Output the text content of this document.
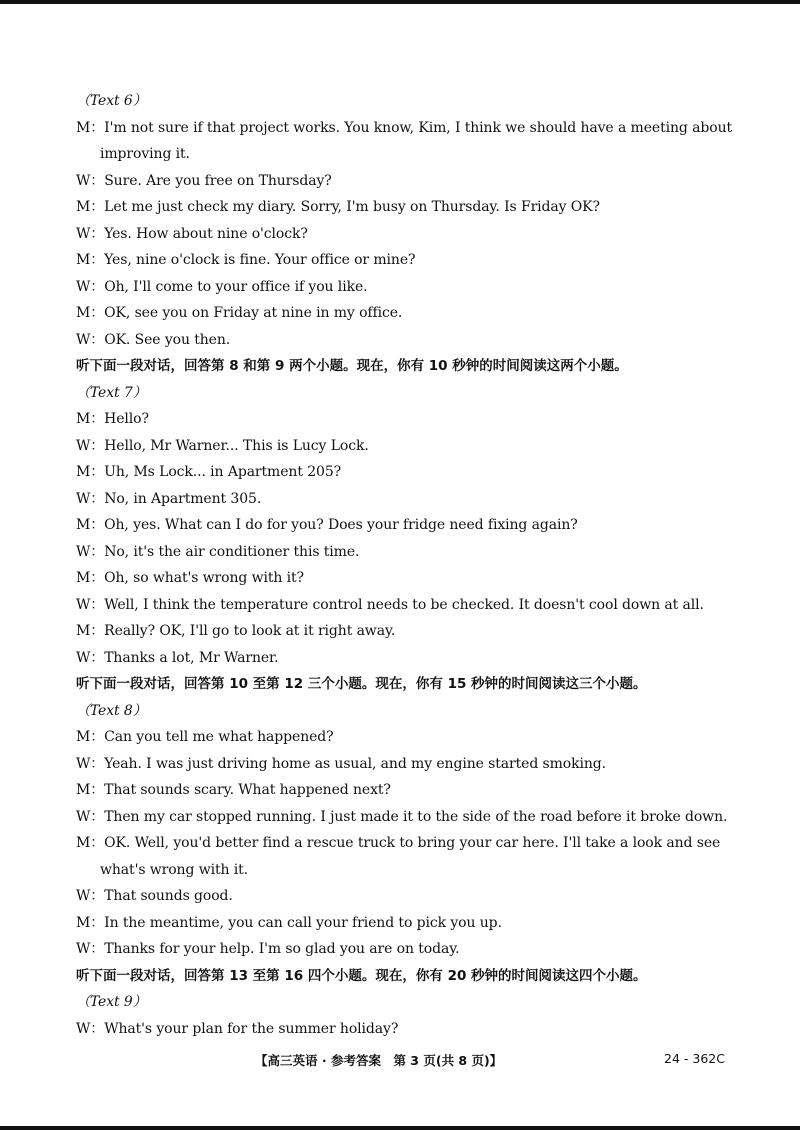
（Text 6）
M：I'm not sure if that project works. You know, Kim, I think we should have a meeting about improving it.
W：Sure. Are you free on Thursday?
M：Let me just check my diary. Sorry, I'm busy on Thursday. Is Friday OK?
W：Yes. How about nine o'clock?
M：Yes, nine o'clock is fine. Your office or mine?
W：Oh, I'll come to your office if you like.
M：OK, see you on Friday at nine in my office.
W：OK. See you then.
听下面一段对话，回答第 8 和第 9 两个小题。现在，你有 10 秒钟的时间阅读这两个小题。
（Text 7）
M：Hello?
W：Hello, Mr Warner... This is Lucy Lock.
M：Uh, Ms Lock... in Apartment 205?
W：No, in Apartment 305.
M：Oh, yes. What can I do for you? Does your fridge need fixing again?
W：No, it's the air conditioner this time.
M：Oh, so what's wrong with it?
W：Well, I think the temperature control needs to be checked. It doesn't cool down at all.
M：Really? OK, I'll go to look at it right away.
W：Thanks a lot, Mr Warner.
听下面一段对话，回答第 10 至第 12 三个小题。现在，你有 15 秒钟的时间阅读这三个小题。
（Text 8）
M：Can you tell me what happened?
W：Yeah. I was just driving home as usual, and my engine started smoking.
M：That sounds scary. What happened next?
W：Then my car stopped running. I just made it to the side of the road before it broke down.
M：OK. Well, you'd better find a rescue truck to bring your car here. I'll take a look and see what's wrong with it.
W：That sounds good.
M：In the meantime, you can call your friend to pick you up.
W：Thanks for your help. I'm so glad you are on today.
听下面一段对话，回答第 13 至第 16 四个小题。现在，你有 20 秒钟的时间阅读这四个小题。
（Text 9）
W：What's your plan for the summer holiday?
【高三英语 · 参考答案　第 3 页(共 8 页)】	24 - 362C
